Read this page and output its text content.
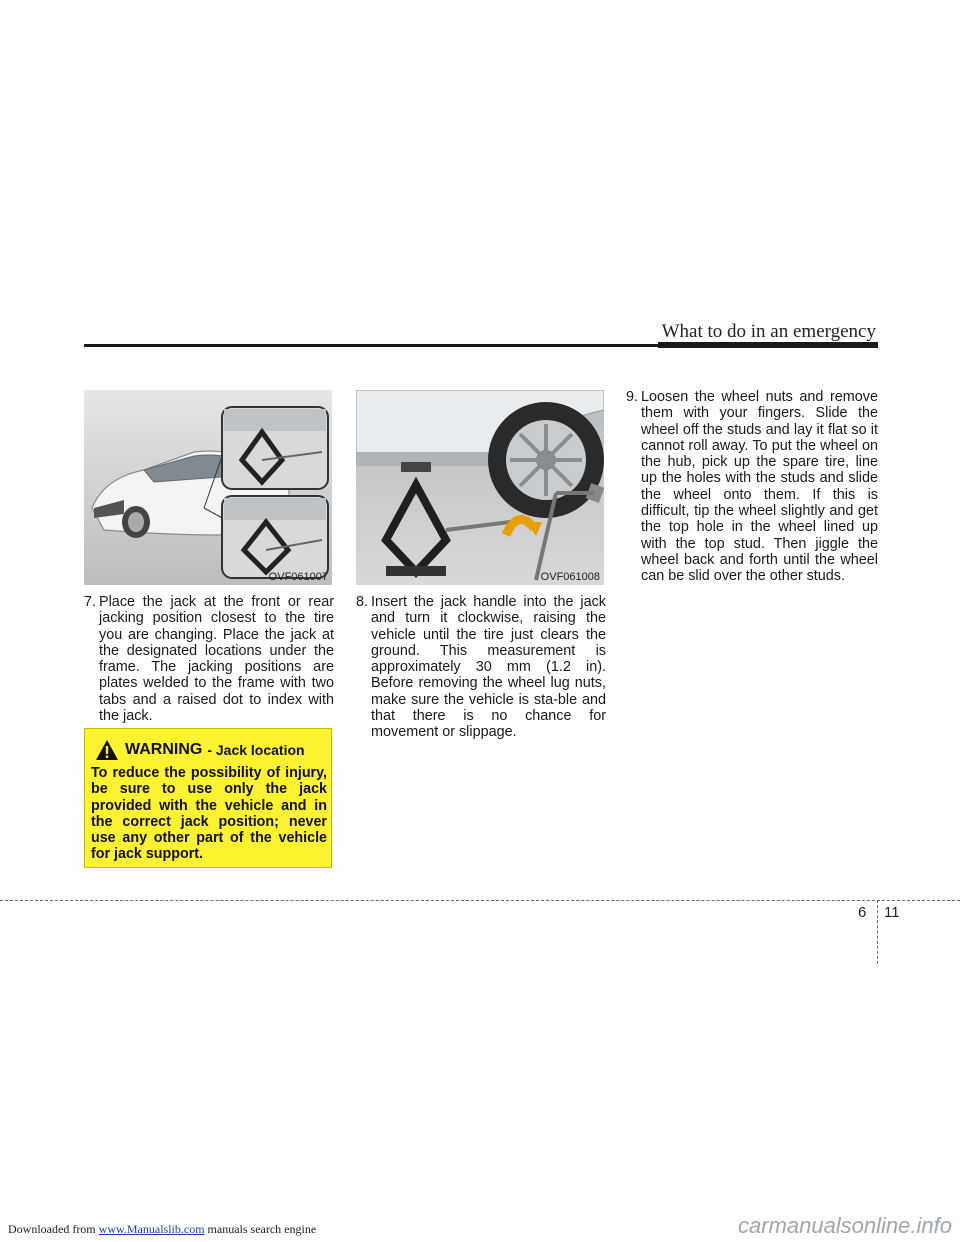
What to do in an emergency
OVF061007	OVF061008
7. Place the jack at the front or rear jacking position closest to the tire you are changing. Place the jack at the designated locations under the frame. The jacking positions are plates welded to the frame with two tabs and a raised dot to index with the jack.
WARNING - Jack location
To reduce the possibility of injury, be sure to use only the jack provided with the vehicle and in the correct jack position; never use any other part of the vehicle for jack support.
8. Insert the jack handle into the jack and turn it clockwise, raising the vehicle until the tire just clears the ground. This measurement is approximately 30 mm (1.2 in). Before removing the wheel lug nuts, make sure the vehicle is sta-ble and that there is no chance for movement or slippage.
9. Loosen the wheel nuts and remove them with your fingers. Slide the wheel off the studs and lay it flat so it cannot roll away. To put the wheel on the hub, pick up the spare tire, line up the holes with the studs and slide the wheel onto them. If this is difficult, tip the wheel slightly and get the top hole in the wheel lined up with the top stud. Then jiggle the wheel back and forth until the wheel can be slid over the other studs.
6 11
Downloaded from www.Manualslib.com manuals search engine	carmanualsonline.info
